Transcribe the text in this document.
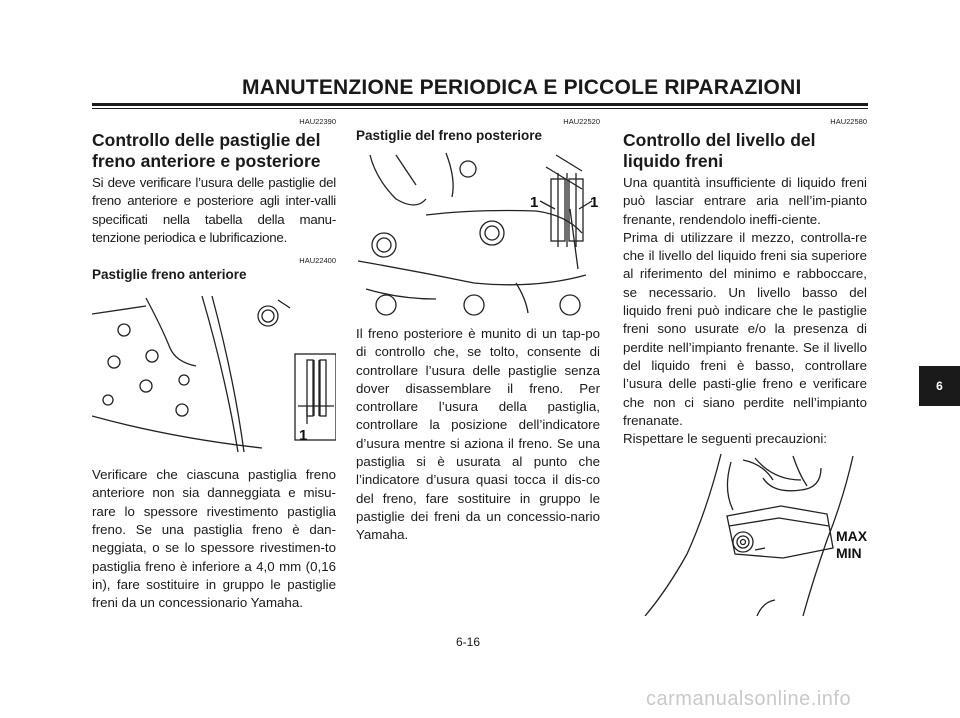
MANUTENZIONE PERIODICA E PICCOLE RIPARAZIONI
HAU22390
Controllo delle pastiglie del freno anteriore e posteriore

Si deve verificare l’usura delle pastiglie del freno anteriore e posteriore agli inter-valli specificati nella tabella della manu-tenzione periodica e lubrificazione.

HAU22400
Pastiglie freno anteriore
1

Verificare che ciascuna pastiglia freno anteriore non sia danneggiata e misu-rare lo spessore rivestimento pastiglia freno. Se una pastiglia freno è dan-neggiata, o se lo spessore rivestimen-to pastiglia freno è inferiore a 4,0 mm (0,16 in), fare sostituire in gruppo le pastiglie freni da un concessionario Yamaha.

HAU22520
Pastiglie del freno posteriore
1	1

Il freno posteriore è munito di un tap-po di controllo che, se tolto, consente di controllare l’usura delle pastiglie senza dover disassemblare il freno. Per controllare l’usura della pastiglia, controllare la posizione dell’indicatore d’usura mentre si aziona il freno. Se una pastiglia si è usurata al punto che l’indicatore d’usura quasi tocca il dis-co del freno, fare sostituire in gruppo le pastiglie dei freni da un concessio-nario Yamaha.

HAU22580
Controllo del livello del liquido freni

Una quantità insufficiente di liquido freni può lasciar entrare aria nell’im-pianto frenante, rendendolo ineffi-ciente.

Prima di utilizzare il mezzo, controlla-re che il livello del liquido freni sia superiore al riferimento del minimo e rabboccare, se necessario. Un livello basso del liquido freni può indicare che le pastiglie freni sono usurate e/o la presenza di perdite nell’impianto frenante. Se il livello del liquido freni è basso, controllare l’usura delle pasti-glie freno e verificare che non ci siano perdite nell’impianto frenanate.

Rispettare le seguenti precauzioni:

MAX
MIN
6
6-16
carmanualsonline.info
